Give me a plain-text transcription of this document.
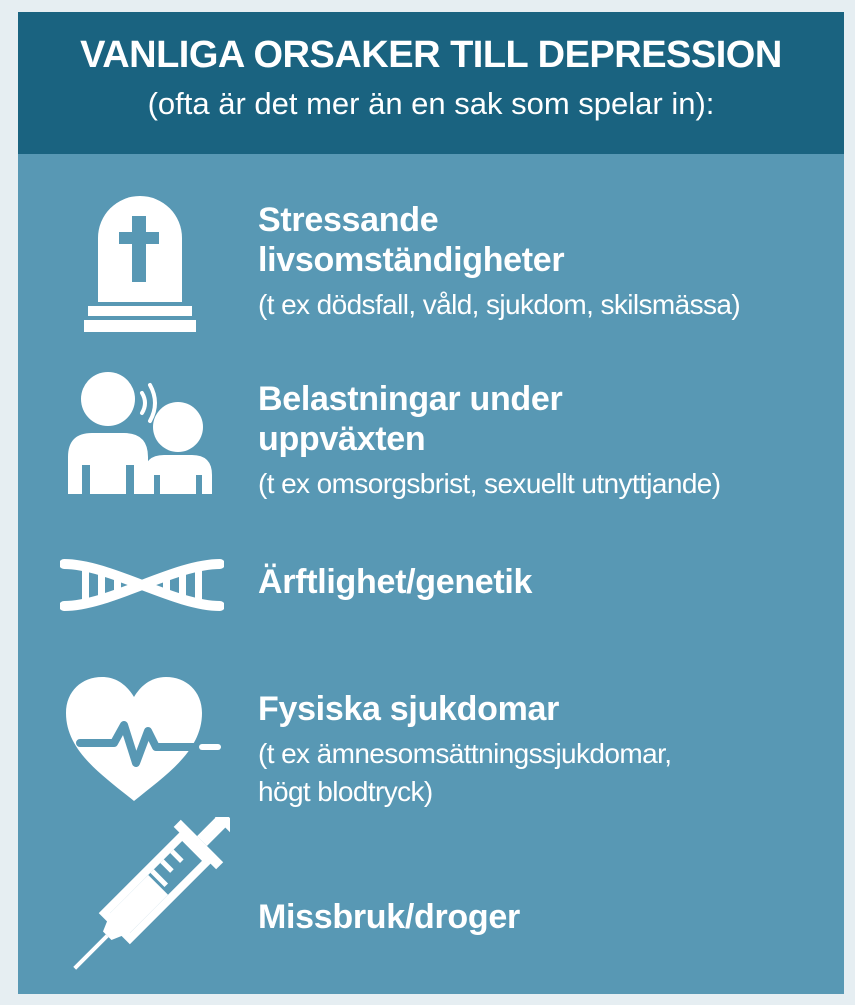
VANLIGA ORSAKER TILL DEPRESSION
(ofta är det mer än en sak som spelar in):
Stressande
livsomständigheter
(t ex dödsfall, våld, sjukdom, skilsmässa)
Belastningar under
uppväxten
(t ex omsorgsbrist, sexuellt utnyttjande)
Ärftlighet/genetik
Fysiska sjukdomar
(t ex ämnesomsättningssjukdomar,
högt blodtryck)
Missbruk/droger
